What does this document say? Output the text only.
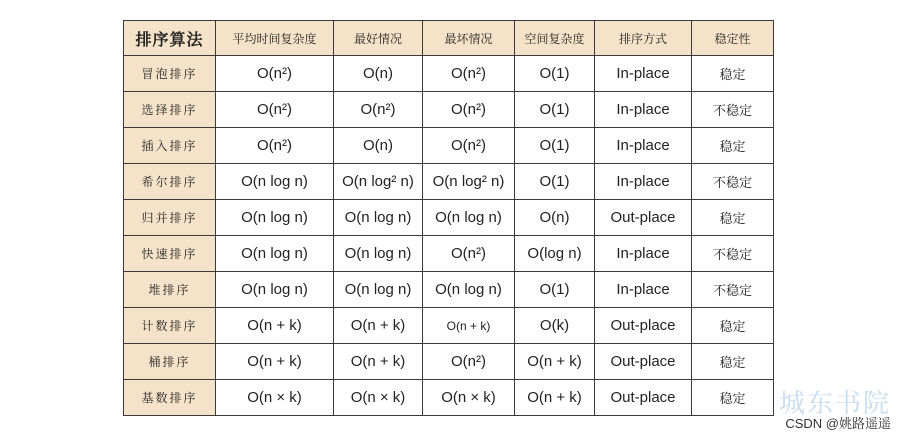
排序算法	平均时间复杂度	最好情况	最坏情况	空间复杂度	排序方式	稳定性
冒泡排序	O(n²)	O(n)	O(n²)	O(1)	In-place	稳定
选择排序	O(n²)	O(n²)	O(n²)	O(1)	In-place	不稳定
插入排序	O(n²)	O(n)	O(n²)	O(1)	In-place	稳定
希尔排序	O(n log n)	O(n log² n)	O(n log² n)	O(1)	In-place	不稳定
归并排序	O(n log n)	O(n log n)	O(n log n)	O(n)	Out-place	稳定
快速排序	O(n log n)	O(n log n)	O(n²)	O(log n)	In-place	不稳定
堆排序	O(n log n)	O(n log n)	O(n log n)	O(1)	In-place	不稳定
计数排序	O(n + k)	O(n + k)	O(n + k)	O(k)	Out-place	稳定
桶排序	O(n + k)	O(n + k)	O(n²)	O(n + k)	Out-place	稳定
基数排序	O(n × k)	O(n × k)	O(n × k)	O(n + k)	Out-place	稳定 城东书院
CSDN @姚路遥遥
